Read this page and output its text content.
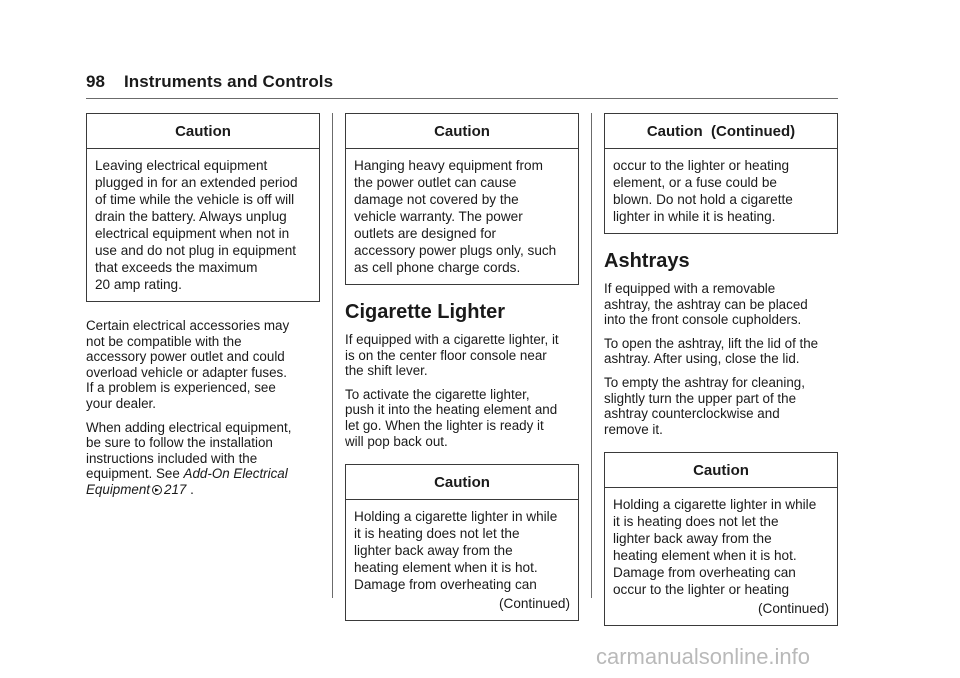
98 Instruments and Controls
Caution
Leaving electrical equipment
plugged in for an extended period
of time while the vehicle is off will
drain the battery. Always unplug
electrical equipment when not in
use and do not plug in equipment
that exceeds the maximum
20 amp rating.

Certain electrical accessories may
not be compatible with the
accessory power outlet and could
overload vehicle or adapter fuses.
If a problem is experienced, see
your dealer.

When adding electrical equipment,
be sure to follow the installation
instructions included with the
equipment. See Add-On Electrical
Equipment 217 .

Caution
Hanging heavy equipment from
the power outlet can cause
damage not covered by the
vehicle warranty. The power
outlets are designed for
accessory power plugs only, such
as cell phone charge cords.
Cigarette Lighter

If equipped with a cigarette lighter, it
is on the center floor console near
the shift lever.

To activate the cigarette lighter,
push it into the heating element and
let go. When the lighter is ready it
will pop back out.

Caution
Holding a cigarette lighter in while
it is heating does not let the
lighter back away from the
heating element when it is hot.
Damage from overheating can
(Continued)
Caution  (Continued)
occur to the lighter or heating
element, or a fuse could be
blown. Do not hold a cigarette
lighter in while it is heating.
Ashtrays

If equipped with a removable
ashtray, the ashtray can be placed
into the front console cupholders.

To open the ashtray, lift the lid of the
ashtray. After using, close the lid.

To empty the ashtray for cleaning,
slightly turn the upper part of the
ashtray counterclockwise and
remove it.

Caution
Holding a cigarette lighter in while
it is heating does not let the
lighter back away from the
heating element when it is hot.
Damage from overheating can
occur to the lighter or heating
(Continued)
carmanualsonline.info
